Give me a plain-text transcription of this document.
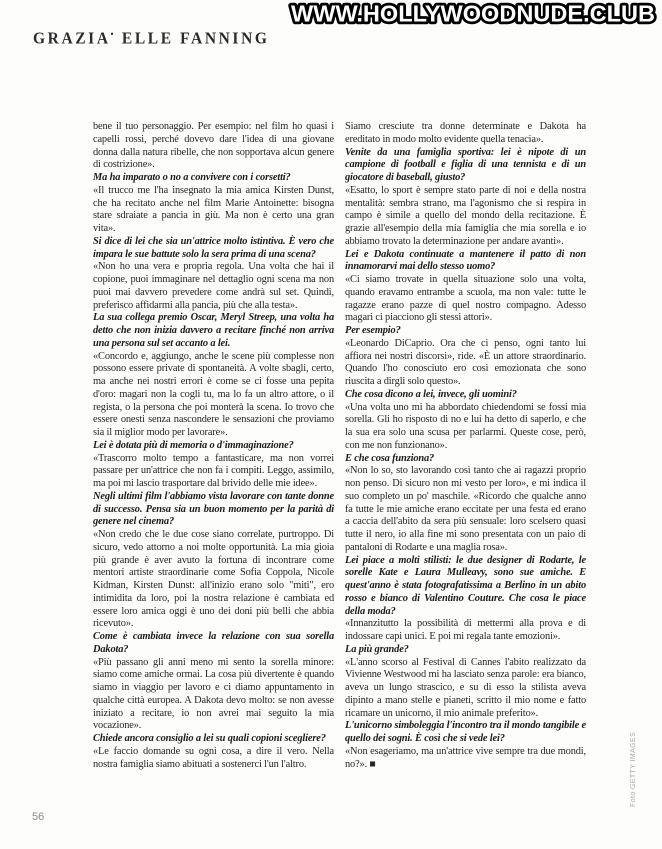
WWW.HOLLYWOODNUDE.CLUB
GRAZIA• ELLE FANNING

bene il tuo personaggio. Per esempio: nel film ho quasi i capelli rossi, perché dovevo dare l'idea di una giovane donna dalla natura ribelle, che non sopportava alcun genere di costrizione».

Ma ha imparato o no a convivere con i corsetti?

«Il trucco me l'ha insegnato la mia amica Kirsten Dunst, che ha recitato anche nel film Marie Antoinette: bisogna stare sdraiate a pancia in giù. Ma non è certo una gran vita».

Si dice di lei che sia un'attrice molto istintiva. È vero che impara le sue battute solo la sera prima di una scena?

«Non ho una vera e propria regola. Una volta che hai il copione, puoi immaginare nel dettaglio ogni scena ma non puoi mai davvero prevedere come andrà sul set. Quindi, preferisco affidarmi alla pancia, più che alla testa».

La sua collega premio Oscar, Meryl Streep, una volta ha detto che non inizia davvero a recitare finché non arriva una persona sul set accanto a lei.

«Concordo e, aggiungo, anche le scene più complesse non possono essere private di spontaneità. A volte sbagli, certo, ma anche nei nostri errori è come se ci fosse una pepita d'oro: magari non la cogli tu, ma lo fa un altro attore, o il regista, o la persona che poi monterà la scena. Io trovo che essere onesti senza nascondere le sensazioni che proviamo sia il miglior modo per lavorare».

Lei è dotata più di memoria o d'immaginazione?

«Trascorro molto tempo a fantasticare, ma non vorrei passare per un'attrice che non fa i compiti. Leggo, assimilo, ma poi mi lascio trasportare dal brivido delle mie idee».

Negli ultimi film l'abbiamo vista lavorare con tante donne di successo. Pensa sia un buon momento per la parità di genere nel cinema?

«Non credo che le due cose siano correlate, purtroppo. Di sicuro, vedo attorno a noi molte opportunità. La mia gioia più grande è aver avuto la fortuna di incontrare come mentori artiste straordinarie come Sofia Coppola, Nicole Kidman, Kirsten Dunst: all'inizio erano solo "miti", ero intimidita da loro, poi la nostra relazione è cambiata ed essere loro amica oggi è uno dei doni più belli che abbia ricevuto».

Come è cambiata invece la relazione con sua sorella Dakota?

«Più passano gli anni meno mi sento la sorella minore: siamo come amiche ormai. La cosa più divertente è quando siamo in viaggio per lavoro e ci diamo appuntamento in qualche città europea. A Dakota devo molto: se non avesse iniziato a recitare, io non avrei mai seguito la mia vocazione».

Chiede ancora consiglio a lei su quali copioni scegliere?

«Le faccio domande su ogni cosa, a dire il vero. Nella nostra famiglia siamo abituati a sostenerci l'un l'altro.

Siamo cresciute tra donne determinate e Dakota ha ereditato in modo molto evidente quella tenacia».

Venite da una famiglia sportiva: lei è nipote di un campione di football e figlia di una tennista e di un giocatore di baseball, giusto?

«Esatto, lo sport è sempre stato parte di noi e della nostra mentalità: sembra strano, ma l'agonismo che si respira in campo è simile a quello del mondo della recitazione. È grazie all'esempio della mia famiglia che mia sorella e io abbiamo trovato la determinazione per andare avanti».

Lei e Dakota continuate a mantenere il patto di non innamorarvi mai dello stesso uomo?

«Ci siamo trovate in quella situazione solo una volta, quando eravamo entrambe a scuola, ma non vale: tutte le ragazze erano pazze di quel nostro compagno. Adesso magari ci piacciono gli stessi attori».

Per esempio?

«Leonardo DiCaprio. Ora che ci penso, ogni tanto lui affiora nei nostri discorsi», ride. «È un attore straordinario. Quando l'ho conosciuto ero così emozionata che sono riuscita a dirgli solo questo».

Che cosa dicono a lei, invece, gli uomini?

«Una volta uno mi ha abbordato chiedendomi se fossi mia sorella. Gli ho risposto di no e lui ha detto di saperlo, e che la sua era solo una scusa per parlarmi. Queste cose, però, con me non funzionano».

E che cosa funziona?

«Non lo so, sto lavorando così tanto che ai ragazzi proprio non penso. Di sicuro non mi vesto per loro», e mi indica il suo completo un po' maschile. «Ricordo che qualche anno fa tutte le mie amiche erano eccitate per una festa ed erano a caccia dell'abito da sera più sensuale: loro scelsero quasi tutte il nero, io alla fine mi sono presentata con un paio di pantaloni di Rodarte e una maglia rosa».

Lei piace a molti stilisti: le due designer di Rodarte, le sorelle Kate e Laura Mulleavy, sono sue amiche. E quest'anno è stata fotografatissima a Berlino in un abito rosso e bianco di Valentino Couture. Che cosa le piace della moda?

«Innanzitutto la possibilità di mettermi alla prova e di indossare capi unici. E poi mi regala tante emozioni».

La più grande?

«L'anno scorso al Festival di Cannes l'abito realizzato da Vivienne Westwood mi ha lasciato senza parole: era bianco, aveva un lungo strascico, e su di esso la stilista aveva dipinto a mano stelle e pianeti, scritto il mio nome e fatto ricamare un unicorno, il mio animale preferito».

L'unicorno simboleggia l'incontro tra il mondo tangibile e quello dei sogni. È così che si vede lei?

«Non esageriamo, ma un'attrice vive sempre tra due mondi, no?». ■

56
Foto GETTY IMAGES
